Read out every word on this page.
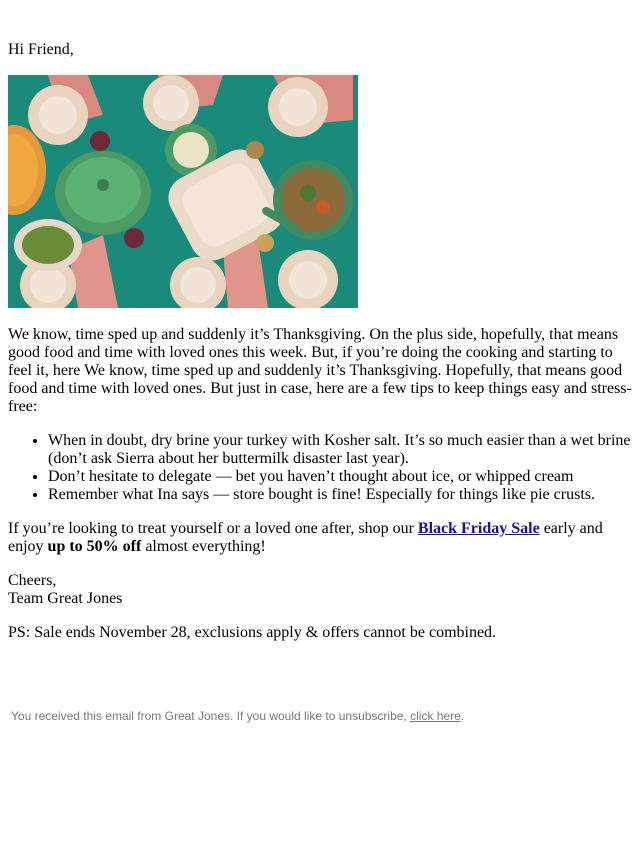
Hi Friend,

We know, time sped up and suddenly it’s Thanksgiving. On the plus side, hopefully, that means good food and time with loved ones this week. But, if you’re doing the cooking and starting to feel it, here We know, time sped up and suddenly it’s Thanksgiving. Hopefully, that means good food and time with loved ones. But just in case, here are a few tips to keep things easy and stress-free:

• When in doubt, dry brine your turkey with Kosher salt. It’s so much easier than a wet brine (don’t ask Sierra about her buttermilk disaster last year).
• Don’t hesitate to delegate — bet you haven’t thought about ice, or whipped cream
• Remember what Ina says — store bought is fine! Especially for things like pie crusts.

If you’re looking to treat yourself or a loved one after, shop our Black Friday Sale early and enjoy up to 50% off almost everything!

Cheers,
Team Great Jones

PS: Sale ends November 28, exclusions apply & offers cannot be combined.

You received this email from Great Jones. If you would like to unsubscribe, click here.
